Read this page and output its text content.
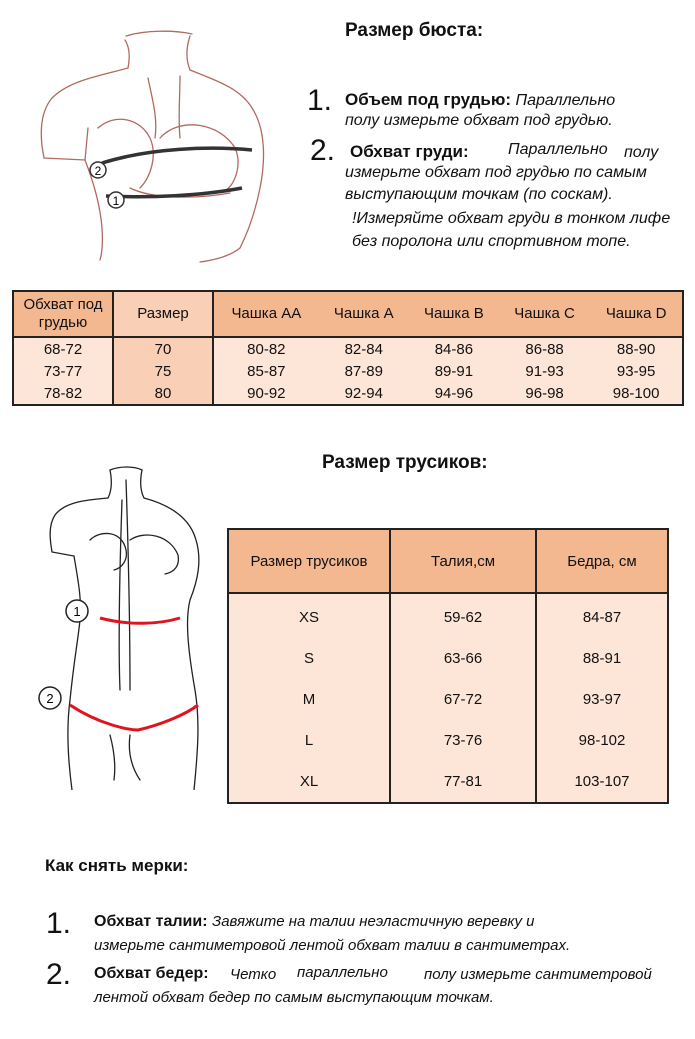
2
1
Размер бюста:
1. Объем под грудью: Параллельно
полу измерьте обхват под грудью.
2. Обхват груди: Параллельно полу
измерьте обхват под грудью по самым
выступающим точкам (по соскам).
!Измеряйте обхват груди в тонком лифе
без поролона или спортивном топе.
Обхват под грудью	Размер	Чашка AA	Чашка A	Чашка B	Чашка C	Чашка D
68-72	70	80-82	82-84	84-86	86-88	88-90
73-77	75	85-87	87-89	89-91	91-93	93-95
78-82	80	90-92	92-94	94-96	96-98	98-100
Размер трусиков:
1
2
Размер трусиков	Талия,см	Бедра, см
XS	59-62	84-87
S	63-66	88-91
M	67-72	93-97
L	73-76	98-102
XL	77-81	103-107
Как снять мерки:
1. Обхват талии: Завяжите на талии неэластичную веревку и
измерьте сантиметровой лентой обхват талии в сантиметрах.
2. Обхват бедер: Четко параллельно полу измерьте сантиметровой
лентой обхват бедер по самым выступающим точкам.
